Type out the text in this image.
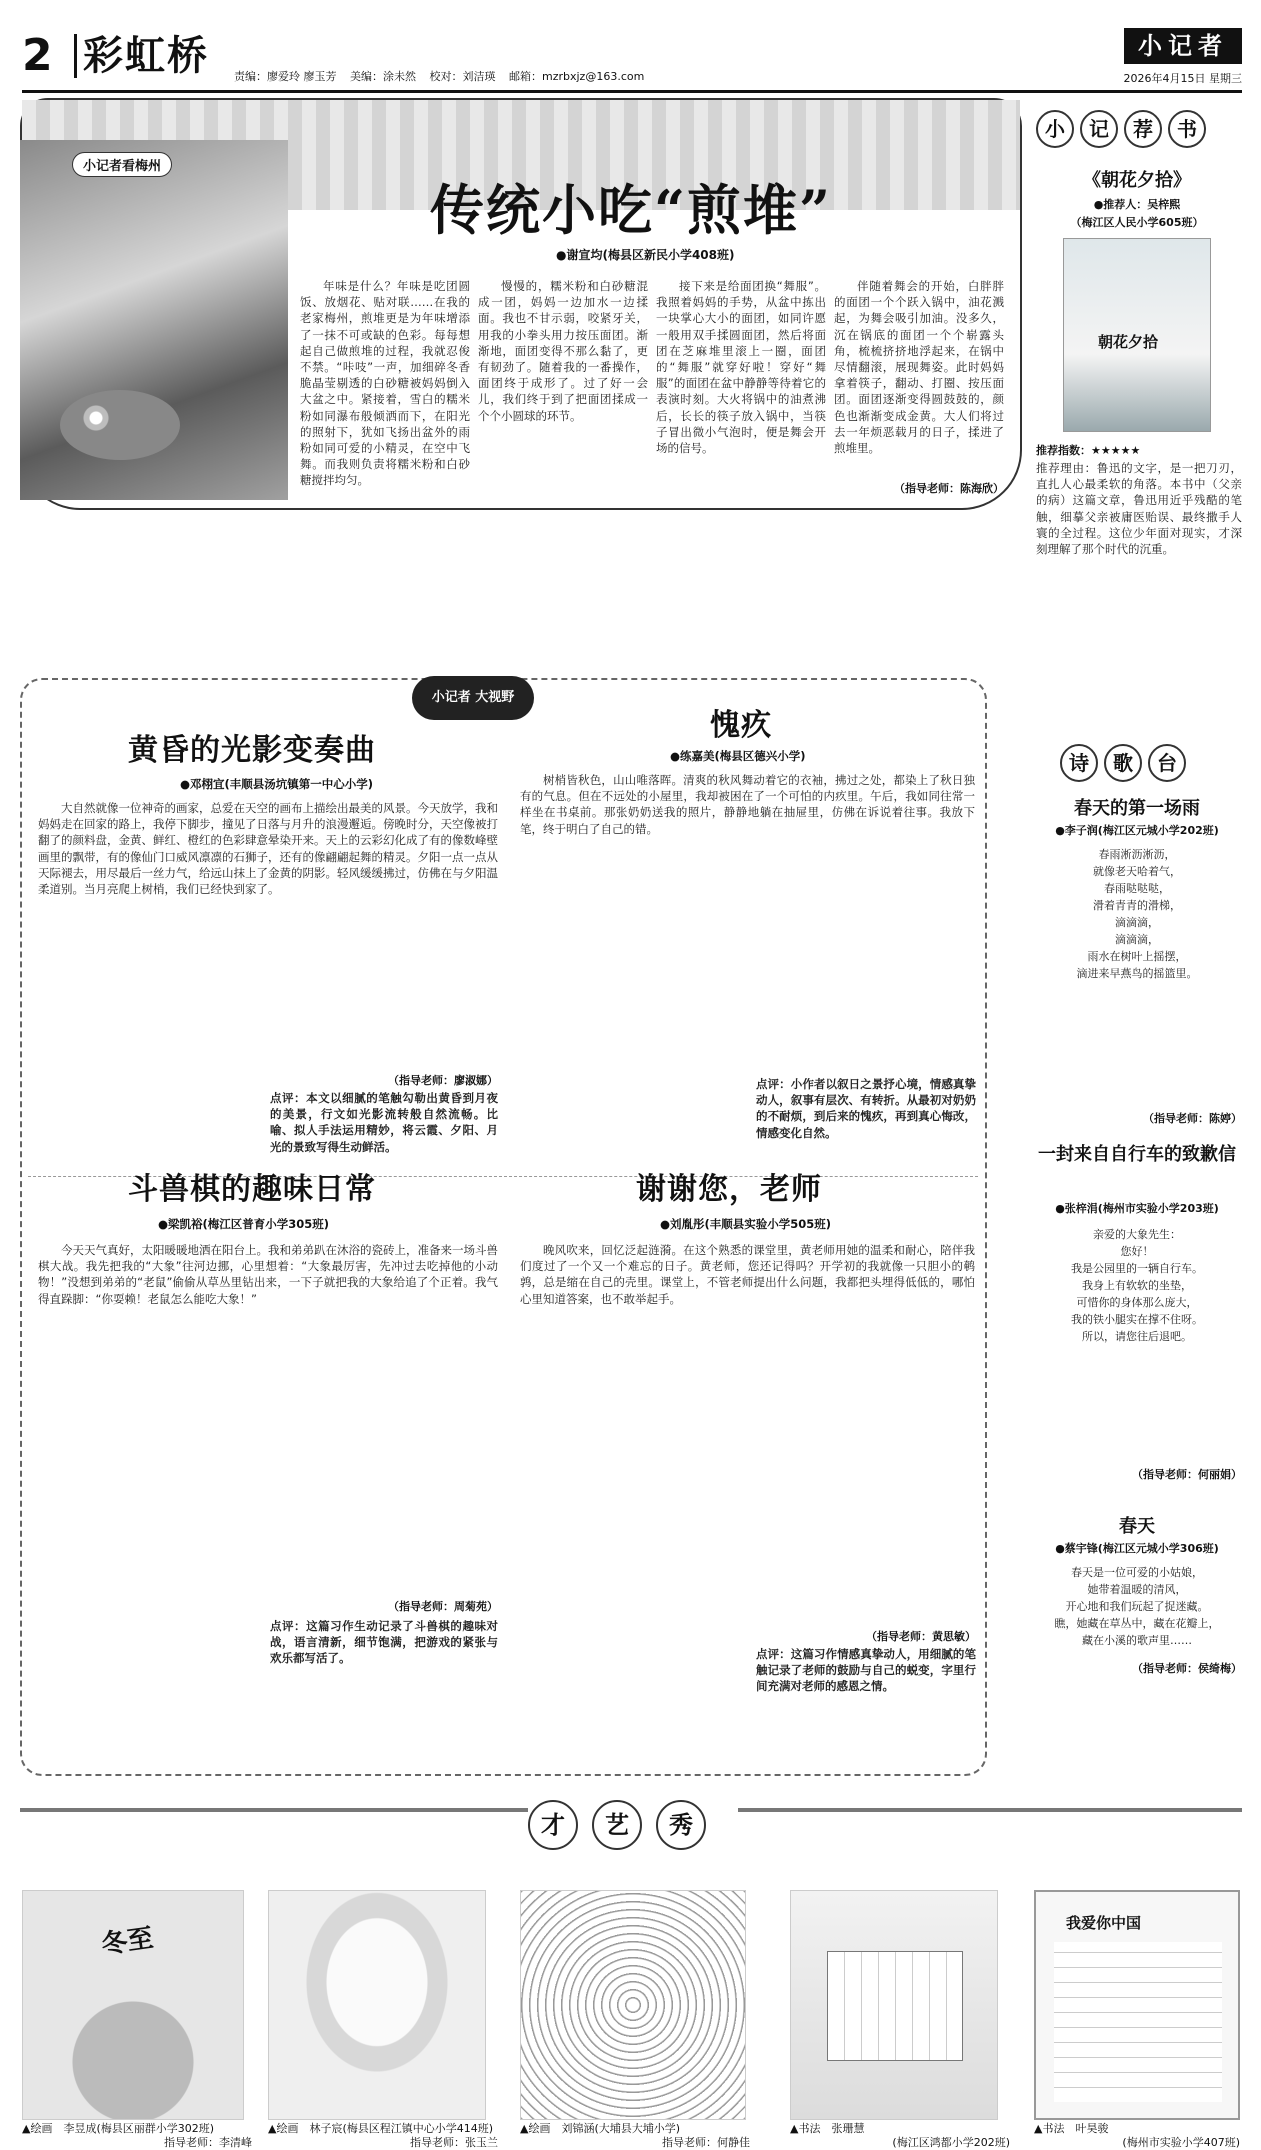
2 彩虹桥 责编：廖爱玲 廖玉芳 美编：涂未然 校对：刘洁瑛 邮箱：mzrbxjz@163.com
小记者
2026年4月15日 星期三
小记者看梅州
传统小吃“煎堆”
●谢宣均(梅县区新民小学408班)
年味是什么？年味是吃团圆饭、放烟花、贴对联……在我的老家梅州，煎堆更是为年味增添了一抹不可或缺的色彩。每每想起自己做煎堆的过程，我就忍俊不禁。“咔吱”一声，加细碎冬香脆晶莹剔透的白砂糖被妈妈倒入大盆之中。紧接着，雪白的糯米粉如同瀑布般倾洒而下，在阳光的照射下，犹如飞扬出盆外的雨粉如同可爱的小精灵，在空中飞舞。而我则负责将糯米粉和白砂糖搅拌均匀。
慢慢的，糯米粉和白砂糖混成一团，妈妈一边加水一边揉面。我也不甘示弱，咬紧牙关，用我的小拳头用力按压面团。渐渐地，面团变得不那么黏了，更有韧劲了。随着我的一番操作，面团终于成形了。过了好一会儿，我们终于到了把面团揉成一个个小圆球的环节。
接下来是给面团换“舞服”。我照着妈妈的手势，从盆中拣出一块掌心大小的面团，如同许愿一般用双手揉圆面团，然后将面团在芝麻堆里滚上一圈，面团的“舞服”就穿好啦！穿好“舞服”的面团在盆中静静等待着它的表演时刻。大火将锅中的油煮沸后，长长的筷子放入锅中，当筷子冒出微小气泡时，便是舞会开场的信号。
伴随着舞会的开始，白胖胖的面团一个个跃入锅中，油花溅起，为舞会吸引加油。没多久，沉在锅底的面团一个个崭露头角，梳梳挤挤地浮起来，在锅中尽情翻滚，展现舞姿。此时妈妈拿着筷子，翻动、打圈、按压面团。面团逐渐变得圆鼓鼓的，颜色也渐渐变成金黄。大人们将过去一年烦恶载月的日子，揉进了煎堆里。
（指导老师：陈海欣）
小记者 大视野
黄昏的光影变奏曲
●邓栩宜(丰顺县汤坑镇第一中心小学)
大自然就像一位神奇的画家，总爱在天空的画布上描绘出最美的风景。今天放学，我和妈妈走在回家的路上，我停下脚步，撞见了日落与月升的浪漫邂逅。傍晚时分，天空像被打翻了的颜料盘，金黄、鲜红、橙红的色彩肆意晕染开来。天上的云彩幻化成了有的像数峰壁画里的飘带，有的像仙门口威风凛凛的石狮子，还有的像翩翩起舞的精灵。夕阳一点一点从天际褪去，用尽最后一丝力气，给远山抹上了金黄的阴影。轻风缓缓拂过，仿佛在与夕阳温柔道别。当月亮爬上树梢，我们已经快到家了。
点评：本文以细腻的笔触勾勒出黄昏到月夜的美景，行文如光影流转般自然流畅。比喻、拟人手法运用精妙，将云霞、夕阳、月光的景致写得生动鲜活。
（指导老师：廖淑娜）
愧疚
●练嘉美(梅县区德兴小学)
树梢皆秋色，山山唯落晖。清爽的秋风舞动着它的衣袖，拂过之处，都染上了秋日独有的气息。但在不远处的小屋里，我却被困在了一个可怕的内疚里。午后，我如同往常一样坐在书桌前。那张奶奶送我的照片，静静地躺在抽屉里，仿佛在诉说着往事。我放下笔，终于明白了自己的错。
点评：小作者以叙日之景抒心境，情感真挚动人，叙事有层次、有转折。从最初对奶奶的不耐烦，到后来的愧疚，再到真心悔改，情感变化自然。
斗兽棋的趣味日常
●梁凯裕(梅江区普育小学305班)
今天天气真好，太阳暖暖地洒在阳台上。我和弟弟趴在沐浴的瓷砖上，准备来一场斗兽棋大战。我先把我的“大象”往河边挪，心里想着：“大象最厉害，先冲过去吃掉他的小动物！”没想到弟弟的“老鼠”偷偷从草丛里钻出来，一下子就把我的大象给追了个正着。我气得直跺脚：“你耍赖！老鼠怎么能吃大象！”
点评：这篇习作生动记录了斗兽棋的趣味对战，语言清新，细节饱满，把游戏的紧张与欢乐都写活了。
（指导老师：周菊苑）
谢谢您，老师
●刘胤彤(丰顺县实验小学505班)
晚风吹来，回忆泛起涟漪。在这个熟悉的课堂里，黄老师用她的温柔和耐心，陪伴我们度过了一个又一个难忘的日子。黄老师，您还记得吗？开学初的我就像一只胆小的鹌鹑，总是缩在自己的壳里。课堂上，不管老师提出什么问题，我都把头埋得低低的，哪怕心里知道答案，也不敢举起手。
点评：这篇习作情感真挚动人，用细腻的笔触记录了老师的鼓励与自己的蜕变，字里行间充满对老师的感恩之情。
（指导老师：黄思敏）
小 记 荐 书
《朝花夕拾》
●推荐人：吴梓熙
（梅江区人民小学605班）
朝花夕拾
推荐指数：★★★★★
推荐理由：鲁迅的文字，是一把刀刃，直扎人心最柔软的角落。本书中（父亲的病）这篇文章，鲁迅用近乎残酷的笔触，细摹父亲被庸医贻误、最终撒手人寰的全过程。这位少年面对现实，才深刻理解了那个时代的沉重。
诗 歌 台
春天的第一场雨
●李子润(梅江区元城小学202班)
春雨淅沥淅沥，
就像老天哈着气，
春雨哒哒哒，
滑着青青的滑梯，
滴滴滴，
滴滴滴，
雨水在树叶上摇摆，
滴进来早燕鸟的摇篮里。
（指导老师：陈婷）
一封来自自行车的致歉信
●张梓涓(梅州市实验小学203班)
亲爱的大象先生：
您好！
我是公园里的一辆自行车。
我身上有软软的坐垫，
可惜你的身体那么庞大，
我的铁小腿实在撑不住呀。
所以，请您往后退吧。
（指导老师：何丽娟）
春天
●蔡宇锋(梅江区元城小学306班)
春天是一位可爱的小姑娘，
她带着温暖的清风，
开心地和我们玩起了捉迷藏。
瞧，她藏在草丛中，藏在花瓣上，
藏在小溪的歌声里……
（指导老师：侯绮梅）
才 艺 秀
冬至
我爱你中国
▲绘画　李昱成(梅县区丽群小学302班)
指导老师：李清峰
▲绘画　林子宸(梅县区程江镇中心小学414班)
指导老师：张玉兰
▲绘画　刘锦涵(大埔县大埔小学)
指导老师：何静佳
▲书法　张珊慧
(梅江区鸿都小学202班)
▲书法　叶昊骏
(梅州市实验小学407班)
